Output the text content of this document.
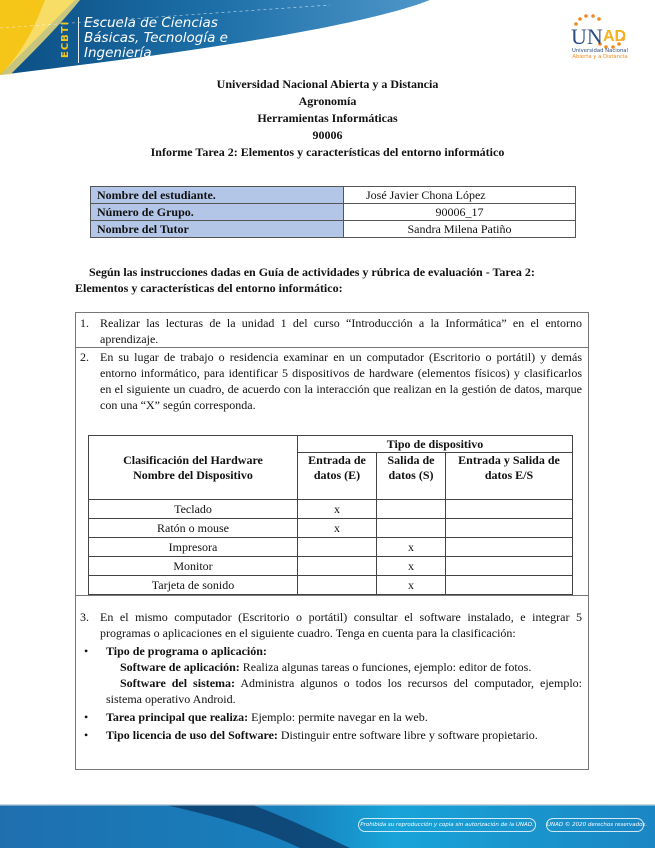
ECBTI Escuela de Ciencias
Básicas, Tecnología e
Ingeniería
UN AD
Universidad Nacional
Abierta y a Distancia
Universidad Nacional Abierta y a Distancia
Agronomía
Herramientas Informáticas
90006
Informe Tarea 2: Elementos y características del entorno informático
Nombre del estudiante.	José Javier Chona López
Número de Grupo.	90006_17
Nombre del Tutor	Sandra Milena Patiño
Según las instrucciones dadas en Guía de actividades y rúbrica de evaluación - Tarea 2:
Elementos y características del entorno informático:
1. Realizar las lecturas de la unidad 1 del curso “Introducción a la Informática” en el entorno aprendizaje.
2. En su lugar de trabajo o residencia examinar en un computador (Escritorio o portátil) y demás entorno informático, para identificar 5 dispositivos de hardware (elementos físicos) y clasificarlos en el siguiente un cuadro, de acuerdo con la interacción que realizan en la gestión de datos, marque con una “X” según corresponda.
Clasificación del Hardware
Nombre del Dispositivo	Tipo de dispositivo		
	Entrada de datos (E)	Salida de datos (S)	Entrada y Salida de datos E/S
Teclado	x		
Ratón o mouse	x		
Impresora		x	
Monitor		x	
Tarjeta de sonido		x	
3. En el mismo computador (Escritorio o portátil) consultar el software instalado, e integrar 5 programas o aplicaciones en el siguiente cuadro. Tenga en cuenta para la clasificación:
• Tipo de programa o aplicación:
Software de aplicación: Realiza algunas tareas o funciones, ejemplo: editor de fotos.
Software del sistema: Administra algunos o todos los recursos del computador, ejemplo: sistema operativo Android.
• Tarea principal que realiza: Ejemplo: permite navegar en la web.
• Tipo licencia de uso del Software: Distinguir entre software libre y software propietario.
Prohibida su reproducción y copia sin autorización de la UNAD.	UNAD © 2020 derechos reservados.
